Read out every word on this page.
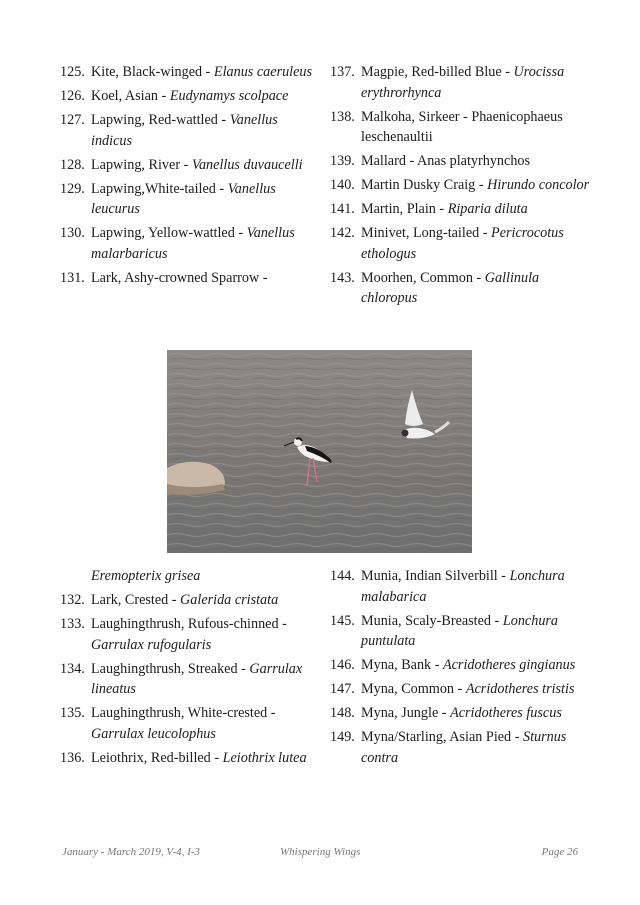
125. Kite, Black-winged - Elanus caeruleus
126. Koel, Asian - Eudynamys scolpace
127. Lapwing, Red-wattled - Vanellus indicus
128. Lapwing, River - Vanellus duvaucelli
129. Lapwing,White-tailed - Vanellus leucurus
130. Lapwing, Yellow-wattled - Vanellus malarbaricus
131. Lark, Ashy-crowned Sparrow -
137. Magpie, Red-billed Blue - Urocissa erythrorhynca
138. Malkoha, Sirkeer - Phaenicophaeus leschenaultii
139. Mallard - Anas platyrhynchos
140. Martin Dusky Craig - Hirundo concolor
141. Martin, Plain - Riparia diluta
142. Minivet, Long-tailed - Pericrocotus ethologus
143. Moorhen, Common - Gallinula chloropus
Eremopterix grisea
132. Lark, Crested - Galerida cristata
133. Laughingthrush, Rufous-chinned - Garrulax rufogularis
134. Laughingthrush, Streaked - Garrulax lineatus
135. Laughingthrush, White-crested - Garrulax leucolophus
136. Leiothrix, Red-billed - Leiothrix lutea
144. Munia, Indian Silverbill - Lonchura malabarica
145. Munia, Scaly-Breasted - Lonchura puntulata
146. Myna, Bank - Acridotheres gingianus
147. Myna, Common - Acridotheres tristis
148. Myna, Jungle - Acridotheres fuscus
149. Myna/Starling, Asian Pied - Sturnus contra
January - March 2019, V-4, I-3	Whispering Wings	Page 26
